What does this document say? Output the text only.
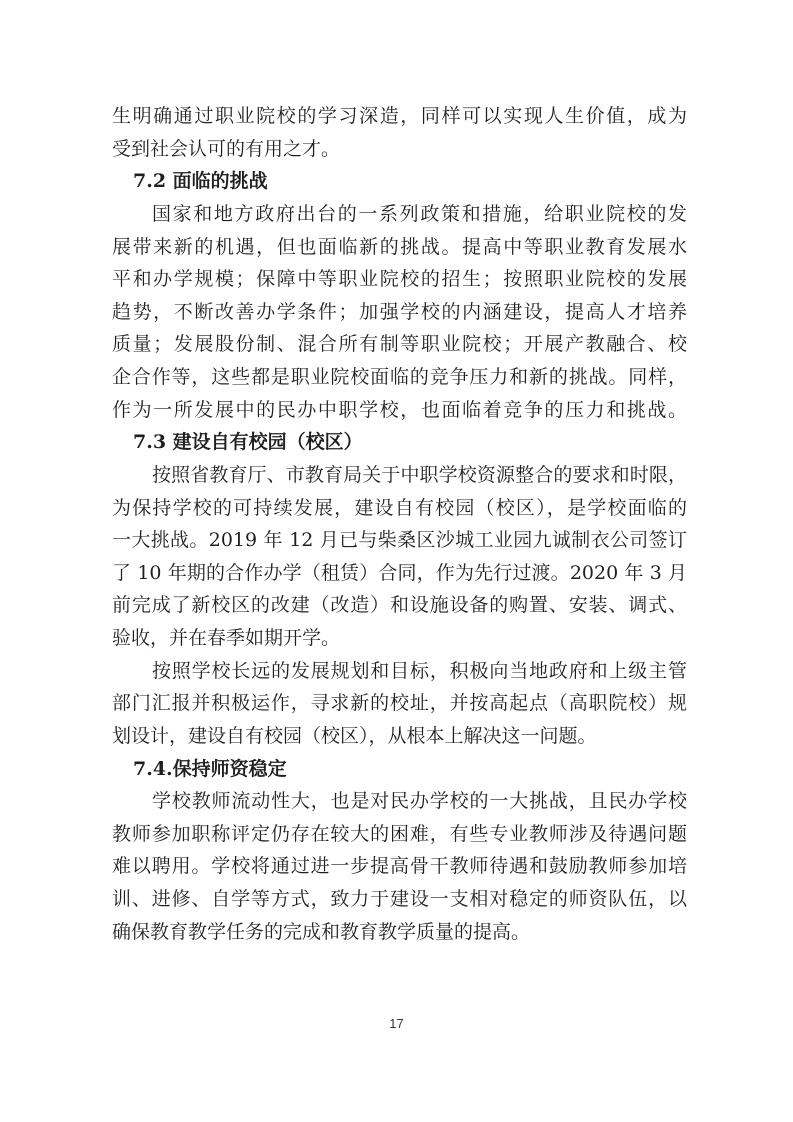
生明确通过职业院校的学习深造，同样可以实现人生价值，成为
受到社会认可的有用之才。
7.2 面临的挑战
国家和地方政府出台的一系列政策和措施，给职业院校的发
展带来新的机遇，但也面临新的挑战。提高中等职业教育发展水
平和办学规模；保障中等职业院校的招生；按照职业院校的发展
趋势，不断改善办学条件；加强学校的内涵建设，提高人才培养
质量；发展股份制、混合所有制等职业院校；开展产教融合、校
企合作等，这些都是职业院校面临的竞争压力和新的挑战。同样，
作为一所发展中的民办中职学校，也面临着竞争的压力和挑战。
7.3 建设自有校园（校区）
按照省教育厅、市教育局关于中职学校资源整合的要求和时限，
为保持学校的可持续发展，建设自有校园（校区），是学校面临的
一大挑战。2019 年 12 月已与柴桑区沙城工业园九诚制衣公司签订
了 10 年期的合作办学（租赁）合同，作为先行过渡。2020 年 3 月
前完成了新校区的改建（改造）和设施设备的购置、安装、调式、
验收，并在春季如期开学。
按照学校长远的发展规划和目标，积极向当地政府和上级主管
部门汇报并积极运作，寻求新的校址，并按高起点（高职院校）规
划设计，建设自有校园（校区），从根本上解决这一问题。
7.4.保持师资稳定
学校教师流动性大，也是对民办学校的一大挑战，且民办学校
教师参加职称评定仍存在较大的困难，有些专业教师涉及待遇问题
难以聘用。学校将通过进一步提高骨干教师待遇和鼓励教师参加培
训、进修、自学等方式，致力于建设一支相对稳定的师资队伍，以
确保教育教学任务的完成和教育教学质量的提高。
17
